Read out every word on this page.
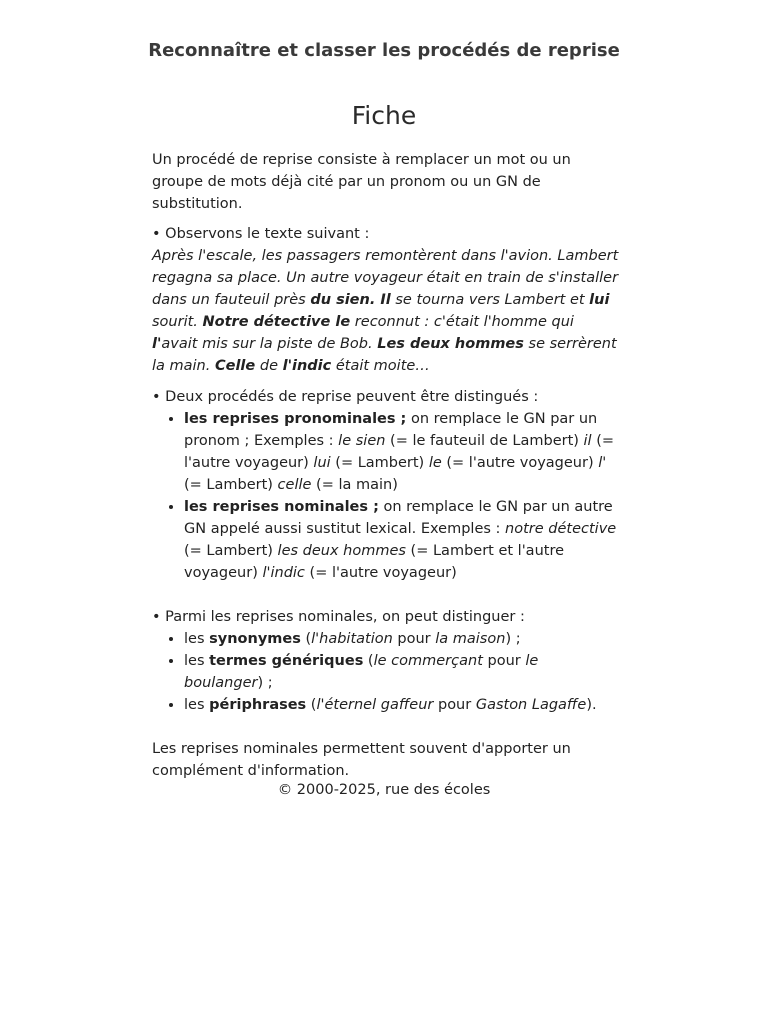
Reconnaître et classer les procédés de reprise
Fiche

Un procédé de reprise consiste à remplacer un mot ou un groupe de mots déjà cité par un pronom ou un GN de substitution.

• Observons le texte suivant :

Après l'escale, les passagers remontèrent dans l'avion. Lambert regagna sa place. Un autre voyageur était en train de s'installer dans un fauteuil près du sien. Il se tourna vers Lambert et lui sourit. Notre détective le reconnut : c'était l'homme qui l'avait mis sur la piste de Bob. Les deux hommes se serrèrent la main. Celle de l'indic était moite…

• Deux procédés de reprise peuvent être distingués :

• les reprises pronominales ; on remplace le GN par un pronom ; Exemples : le sien (= le fauteuil de Lambert) il (= l'autre voyageur) lui (= Lambert) le (= l'autre voyageur) l' (= Lambert) celle (= la main)
• les reprises nominales ; on remplace le GN par un autre GN appelé aussi sustitut lexical. Exemples : notre détective (= Lambert) les deux hommes (= Lambert et l'autre voyageur) l'indic (= l'autre voyageur)

• Parmi les reprises nominales, on peut distinguer :

• les synonymes (l'habitation pour la maison) ;
• les termes génériques (le commerçant pour le boulanger) ;
• les périphrases (l'éternel gaffeur pour Gaston Lagaffe).

Les reprises nominales permettent souvent d'apporter un complément d'information.

© 2000-2025, rue des écoles
